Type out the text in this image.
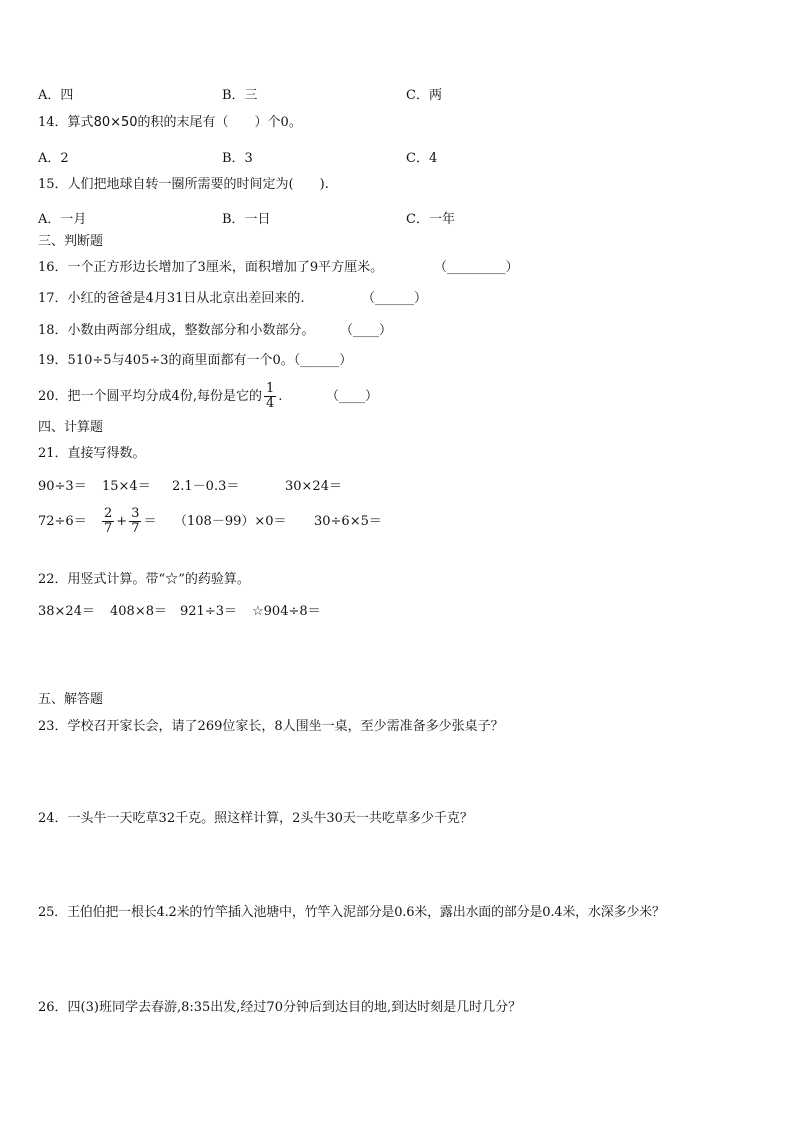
A．四	B．三	C．两
14．算式80×50的积的末尾有（　　）个0。
A．2	B．3	C．4
15．人们把地球自转一圈所需要的时间定为(　　).
A．一月	B．一日	C．一年
三、判断题
16．一个正方形边长增加了3厘米，面积增加了9平方厘米。	（_________）
17．小红的爸爸是4月31日从北京出差回来的.	（______）
18．小数由两部分组成，整数部分和小数部分。 （____）
19．510÷5与405÷3的商里面都有一个0。（______）
20．把一个圆平均分成4份,每份是它的 $\frac{1}{4}$ .	（____）
四、计算题
21．直接写得数。
90÷3＝ 15×4＝ 2.1－0.3＝	30×24＝
$72\div 6= \frac{2}{7} + \frac{3}{7} = (108-99)\times 0= 30\div 6\times 5=$
22．用竖式计算。带“☆”的药验算。
38×24＝ 408×8＝ 921÷3＝ ☆904÷8＝
五、解答题
23．学校召开家长会，请了269位家长，8人围坐一桌，至少需准备多少张桌子？
24．一头牛一天吃草32千克。照这样计算，2头牛30天一共吃草多少千克？
25．王伯伯把一根长4.2米的竹竿插入池塘中，竹竿入泥部分是0.6米，露出水面的部分是0.4米，水深多少米？
26．四(3)班同学去春游,8:35出发,经过70分钟后到达目的地,到达时刻是几时几分？
